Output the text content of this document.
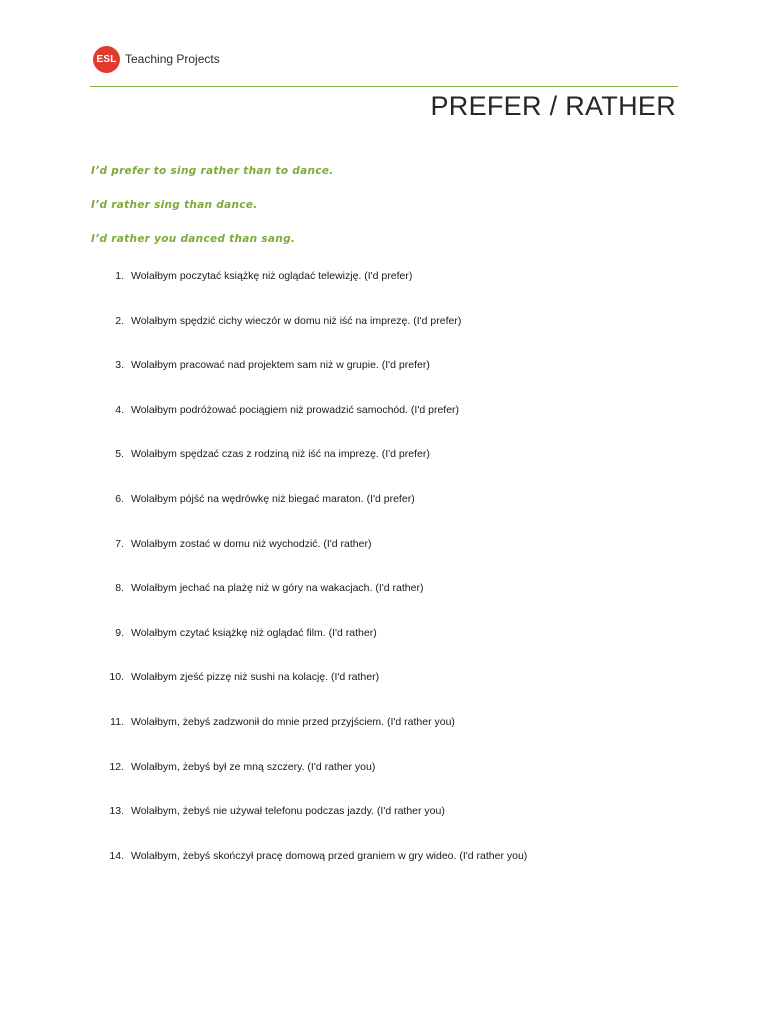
ESL Teaching Projects
PREFER / RATHER
I’d prefer to sing rather than to dance.
I’d rather sing than dance.
I’d rather you danced than sang.
1. Wolałbym poczytać książkę niż oglądać telewizję. (I'd prefer)
2. Wolałbym spędzić cichy wieczór w domu niż iść na imprezę. (I'd prefer)
3. Wolałbym pracować nad projektem sam niż w grupie. (I'd prefer)
4. Wolałbym podróżować pociągiem niż prowadzić samochód. (I'd prefer)
5. Wolałbym spędzać czas z rodziną niż iść na imprezę. (I'd prefer)
6. Wolałbym pójść na wędrówkę niż biegać maraton. (I'd prefer)
7. Wolałbym zostać w domu niż wychodzić. (I'd rather)
8. Wolałbym jechać na plażę niż w góry na wakacjach. (I'd rather)
9. Wolałbym czytać książkę niż oglądać film. (I'd rather)
10. Wolałbym zjeść pizzę niż sushi na kolację. (I'd rather)
11. Wolałbym, żebyś zadzwonił do mnie przed przyjściem. (I'd rather you)
12. Wolałbym, żebyś był ze mną szczery. (I'd rather you)
13. Wolałbym, żebyś nie używał telefonu podczas jazdy. (I'd rather you)
14. Wolałbym, żebyś skończył pracę domową przed graniem w gry wideo. (I'd rather you)
